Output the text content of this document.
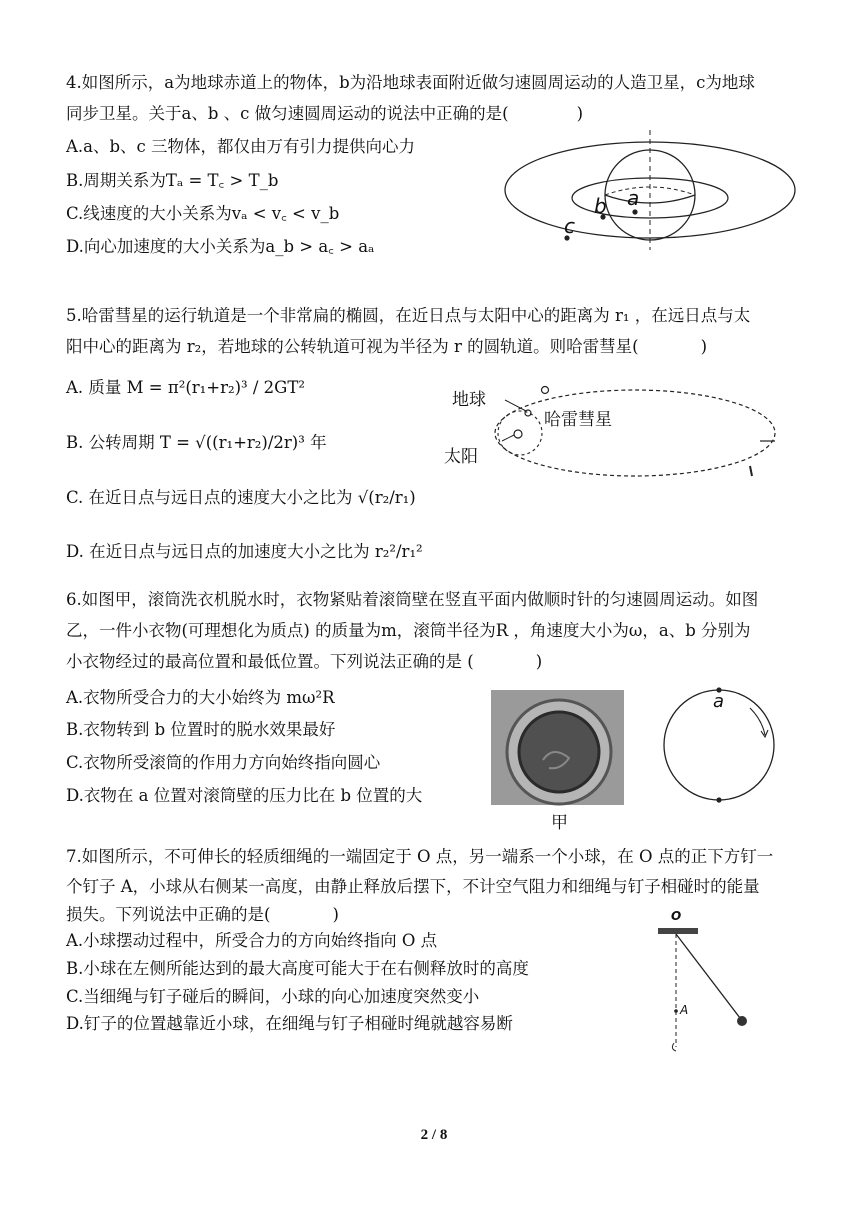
4.如图所示，a为地球赤道上的物体，b为沿地球表面附近做匀速圆周运动的人造卫星，c为地球
同步卫星。关于a、b 、c 做匀速圆周运动的说法中正确的是(	)
A.a、b、c 三物体，都仅由万有引力提供向心力
B.周期关系为Tₐ = T꜀ > T_b
C.线速度的大小关系为vₐ < v꜀ < v_b
D.向心加速度的大小关系为a_b > a꜀ > aₐ
a
b
c
5.哈雷彗星的运行轨道是一个非常扁的椭圆，在近日点与太阳中心的距离为 r₁ ，在远日点与太
阳中心的距离为 r₂，若地球的公转轨道可视为半径为 r 的圆轨道。则哈雷彗星(	)
A. 质量 M = π²(r₁+r₂)³ / 2GT²
B. 公转周期 T = √((r₁+r₂)/2r)³ 年
C. 在近日点与远日点的速度大小之比为 √(r₂/r₁)
D. 在近日点与远日点的加速度大小之比为 r₂²/r₁²
地球
哈雷彗星
太阳
6.如图甲，滚筒洗衣机脱水时，衣物紧贴着滚筒壁在竖直平面内做顺时针的匀速圆周运动。如图
乙，一件小衣物(可理想化为质点) 的质量为m，滚筒半径为R ，角速度大小为ω，a、b 分别为
小衣物经过的最高位置和最低位置。下列说法正确的是 (	)
A.衣物所受合力的大小始终为 mω²R
B.衣物转到 b 位置时的脱水效果最好
C.衣物所受滚筒的作用力方向始终指向圆心
D.衣物在 a 位置对滚筒壁的压力比在 b 位置的大
甲
a
7.如图所示，不可伸长的轻质细绳的一端固定于 O 点，另一端系一个小球，在 O 点的正下方钉一
个钉子 A，小球从右侧某一高度，由静止释放后摆下，不计空气阻力和细绳与钉子相碰时的能量
损失。下列说法中正确的是(	)
A.小球摆动过程中，所受合力的方向始终指向 O 点
B.小球在左侧所能达到的最大高度可能大于在右侧释放时的高度
C.当细绳与钉子碰后的瞬间，小球的向心加速度突然变小
D.钉子的位置越靠近小球，在细绳与钉子相碰时绳就越容易断
O
A
2 / 8
